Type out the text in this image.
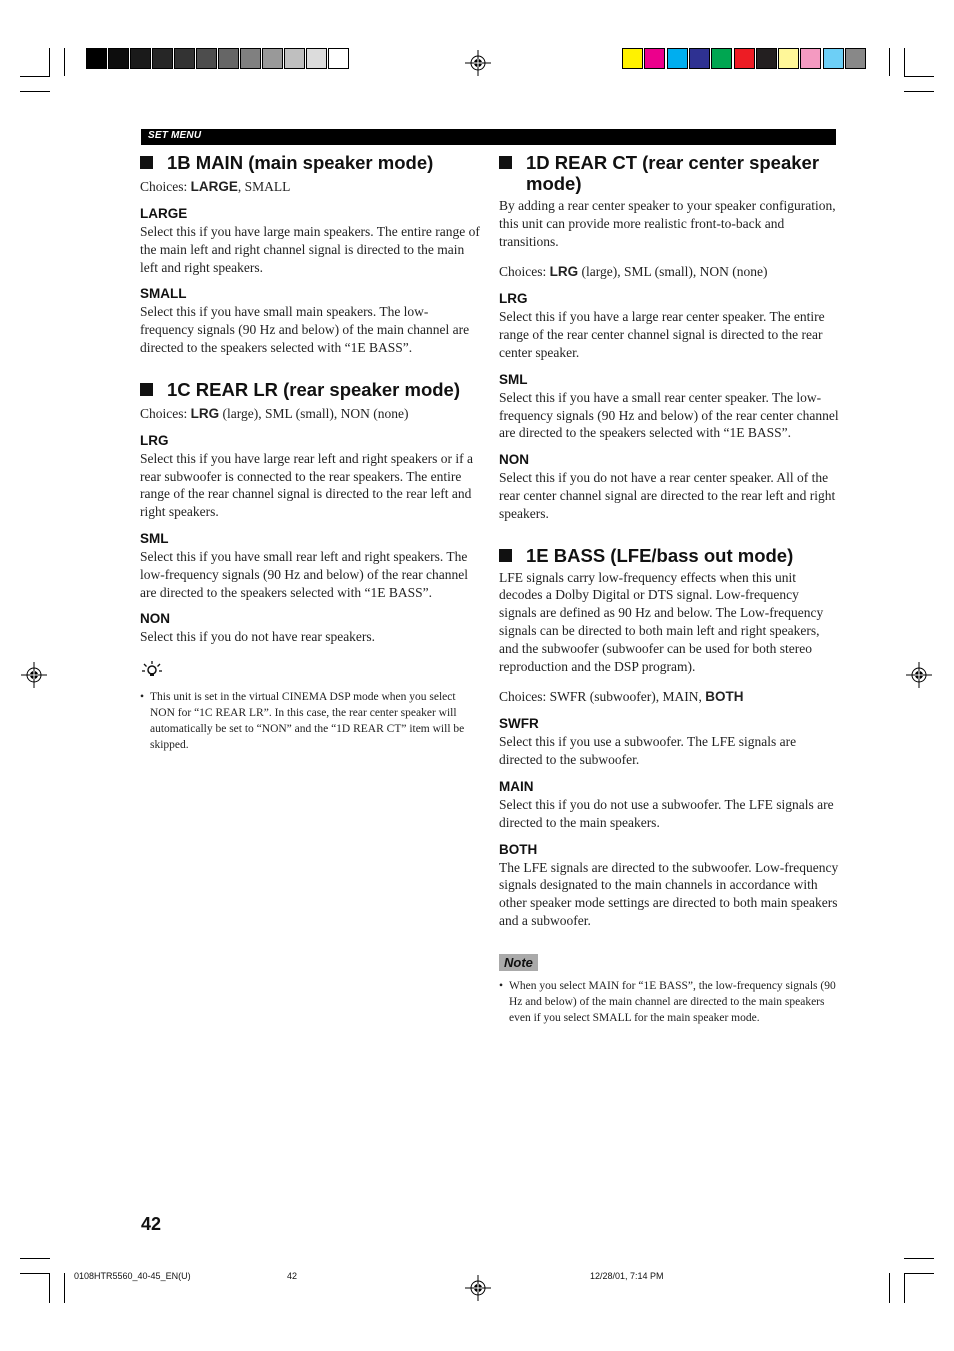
SET MENU
1B MAIN (main speaker mode)

Choices: LARGE, SMALL

LARGE

Select this if you have large main speakers. The entire range of the main left and right channel signal is directed to the main left and right speakers.

SMALL

Select this if you have small main speakers. The low-frequency signals (90 Hz and below) of the main channel are directed to the speakers selected with “1E BASS”.

1C REAR LR (rear speaker mode)

Choices: LRG (large), SML (small), NON (none)

LRG

Select this if you have large rear left and right speakers or if a rear subwoofer is connected to the rear speakers. The entire range of the rear channel signal is directed to the rear left and right speakers.

SML

Select this if you have small rear left and right speakers. The low-frequency signals (90 Hz and below) of the rear channel are directed to the speakers selected with “1E BASS”.

NON

Select this if you do not have rear speakers.

• This unit is set in the virtual CINEMA DSP mode when you select NON for “1C REAR LR”. In this case, the rear center speaker will automatically be set to “NON” and the “1D REAR CT” item will be skipped.

1D REAR CT (rear center speaker mode)

By adding a rear center speaker to your speaker configuration, this unit can provide more realistic front-to-back and transitions.

Choices: LRG (large), SML (small), NON (none)

LRG

Select this if you have a large rear center speaker. The entire range of the rear center channel signal is directed to the rear center speaker.

SML

Select this if you have a small rear center speaker. The low-frequency signals (90 Hz and below) of the rear center channel are directed to the speakers selected with “1E BASS”.

NON

Select this if you do not have a rear center speaker. All of the rear center channel signal are directed to the rear left and right speakers.

1E BASS (LFE/bass out mode)

LFE signals carry low-frequency effects when this unit decodes a Dolby Digital or DTS signal. Low-frequency signals are defined as 90 Hz and below. The Low-frequency signals can be directed to both main left and right speakers, and the subwoofer (subwoofer can be used for both stereo reproduction and the DSP program).

Choices: SWFR (subwoofer), MAIN, BOTH

SWFR

Select this if you use a subwoofer. The LFE signals are directed to the subwoofer.

MAIN

Select this if you do not use a subwoofer. The LFE signals are directed to the main speakers.

BOTH

The LFE signals are directed to the subwoofer. Low-frequency signals designated to the main channels in accordance with other speaker mode settings are directed to both main speakers and a subwoofer.

Note

• When you select MAIN for “1E BASS”, the low-frequency signals (90 Hz and below) of the main channel are directed to the main speakers even if you select SMALL for the main speaker mode.

42
0108HTR5560_40-45_EN(U)	42	12/28/01, 7:14 PM
